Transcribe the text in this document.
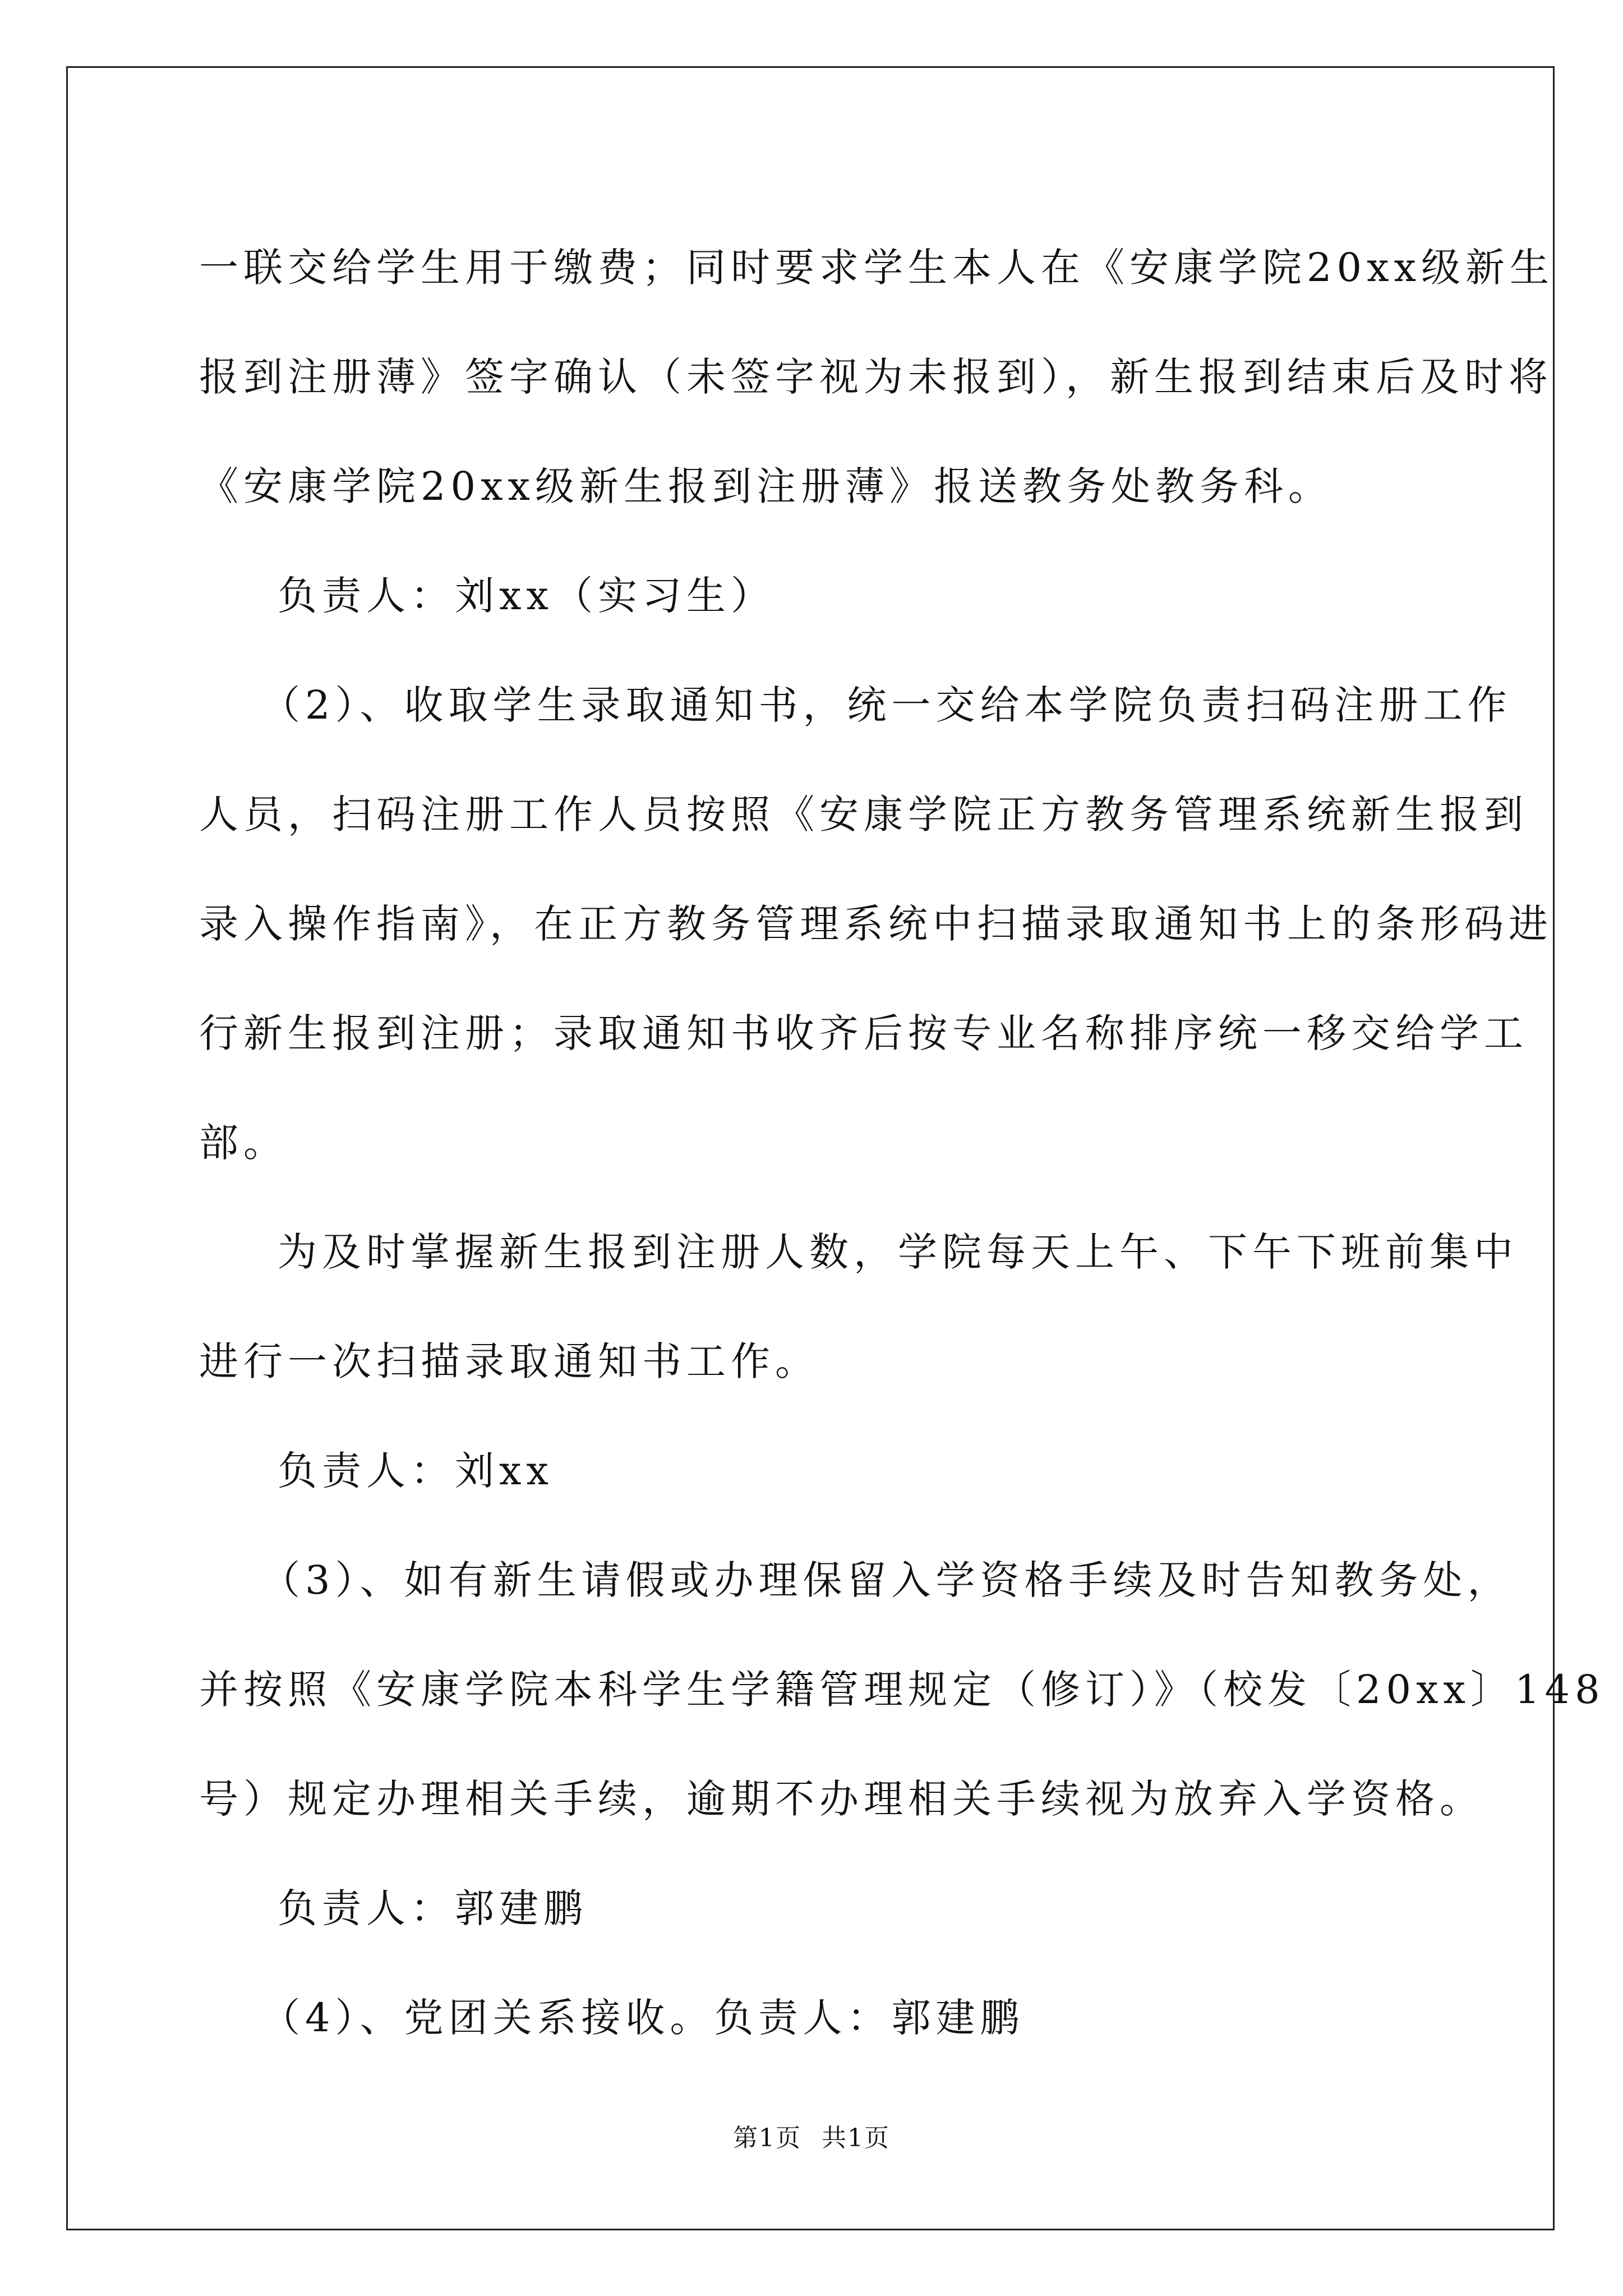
一联交给学生用于缴费；同时要求学生本人在《安康学院20xx级新生

报到注册薄》签字确认（未签字视为未报到），新生报到结束后及时将

《安康学院20xx级新生报到注册薄》报送教务处教务科。

负责人：刘xx（实习生）

（2）、收取学生录取通知书，统一交给本学院负责扫码注册工作

人员，扫码注册工作人员按照《安康学院正方教务管理系统新生报到

录入操作指南》，在正方教务管理系统中扫描录取通知书上的条形码进

行新生报到注册；录取通知书收齐后按专业名称排序统一移交给学工

部。

为及时掌握新生报到注册人数，学院每天上午、下午下班前集中

进行一次扫描录取通知书工作。

负责人：刘xx

（3）、如有新生请假或办理保留入学资格手续及时告知教务处，

并按照《安康学院本科学生学籍管理规定（修订）》（校发〔20xx〕148

号）规定办理相关手续，逾期不办理相关手续视为放弃入学资格。

负责人：郭建鹏

（4）、党团关系接收。负责人：郭建鹏

第1页 共1页
